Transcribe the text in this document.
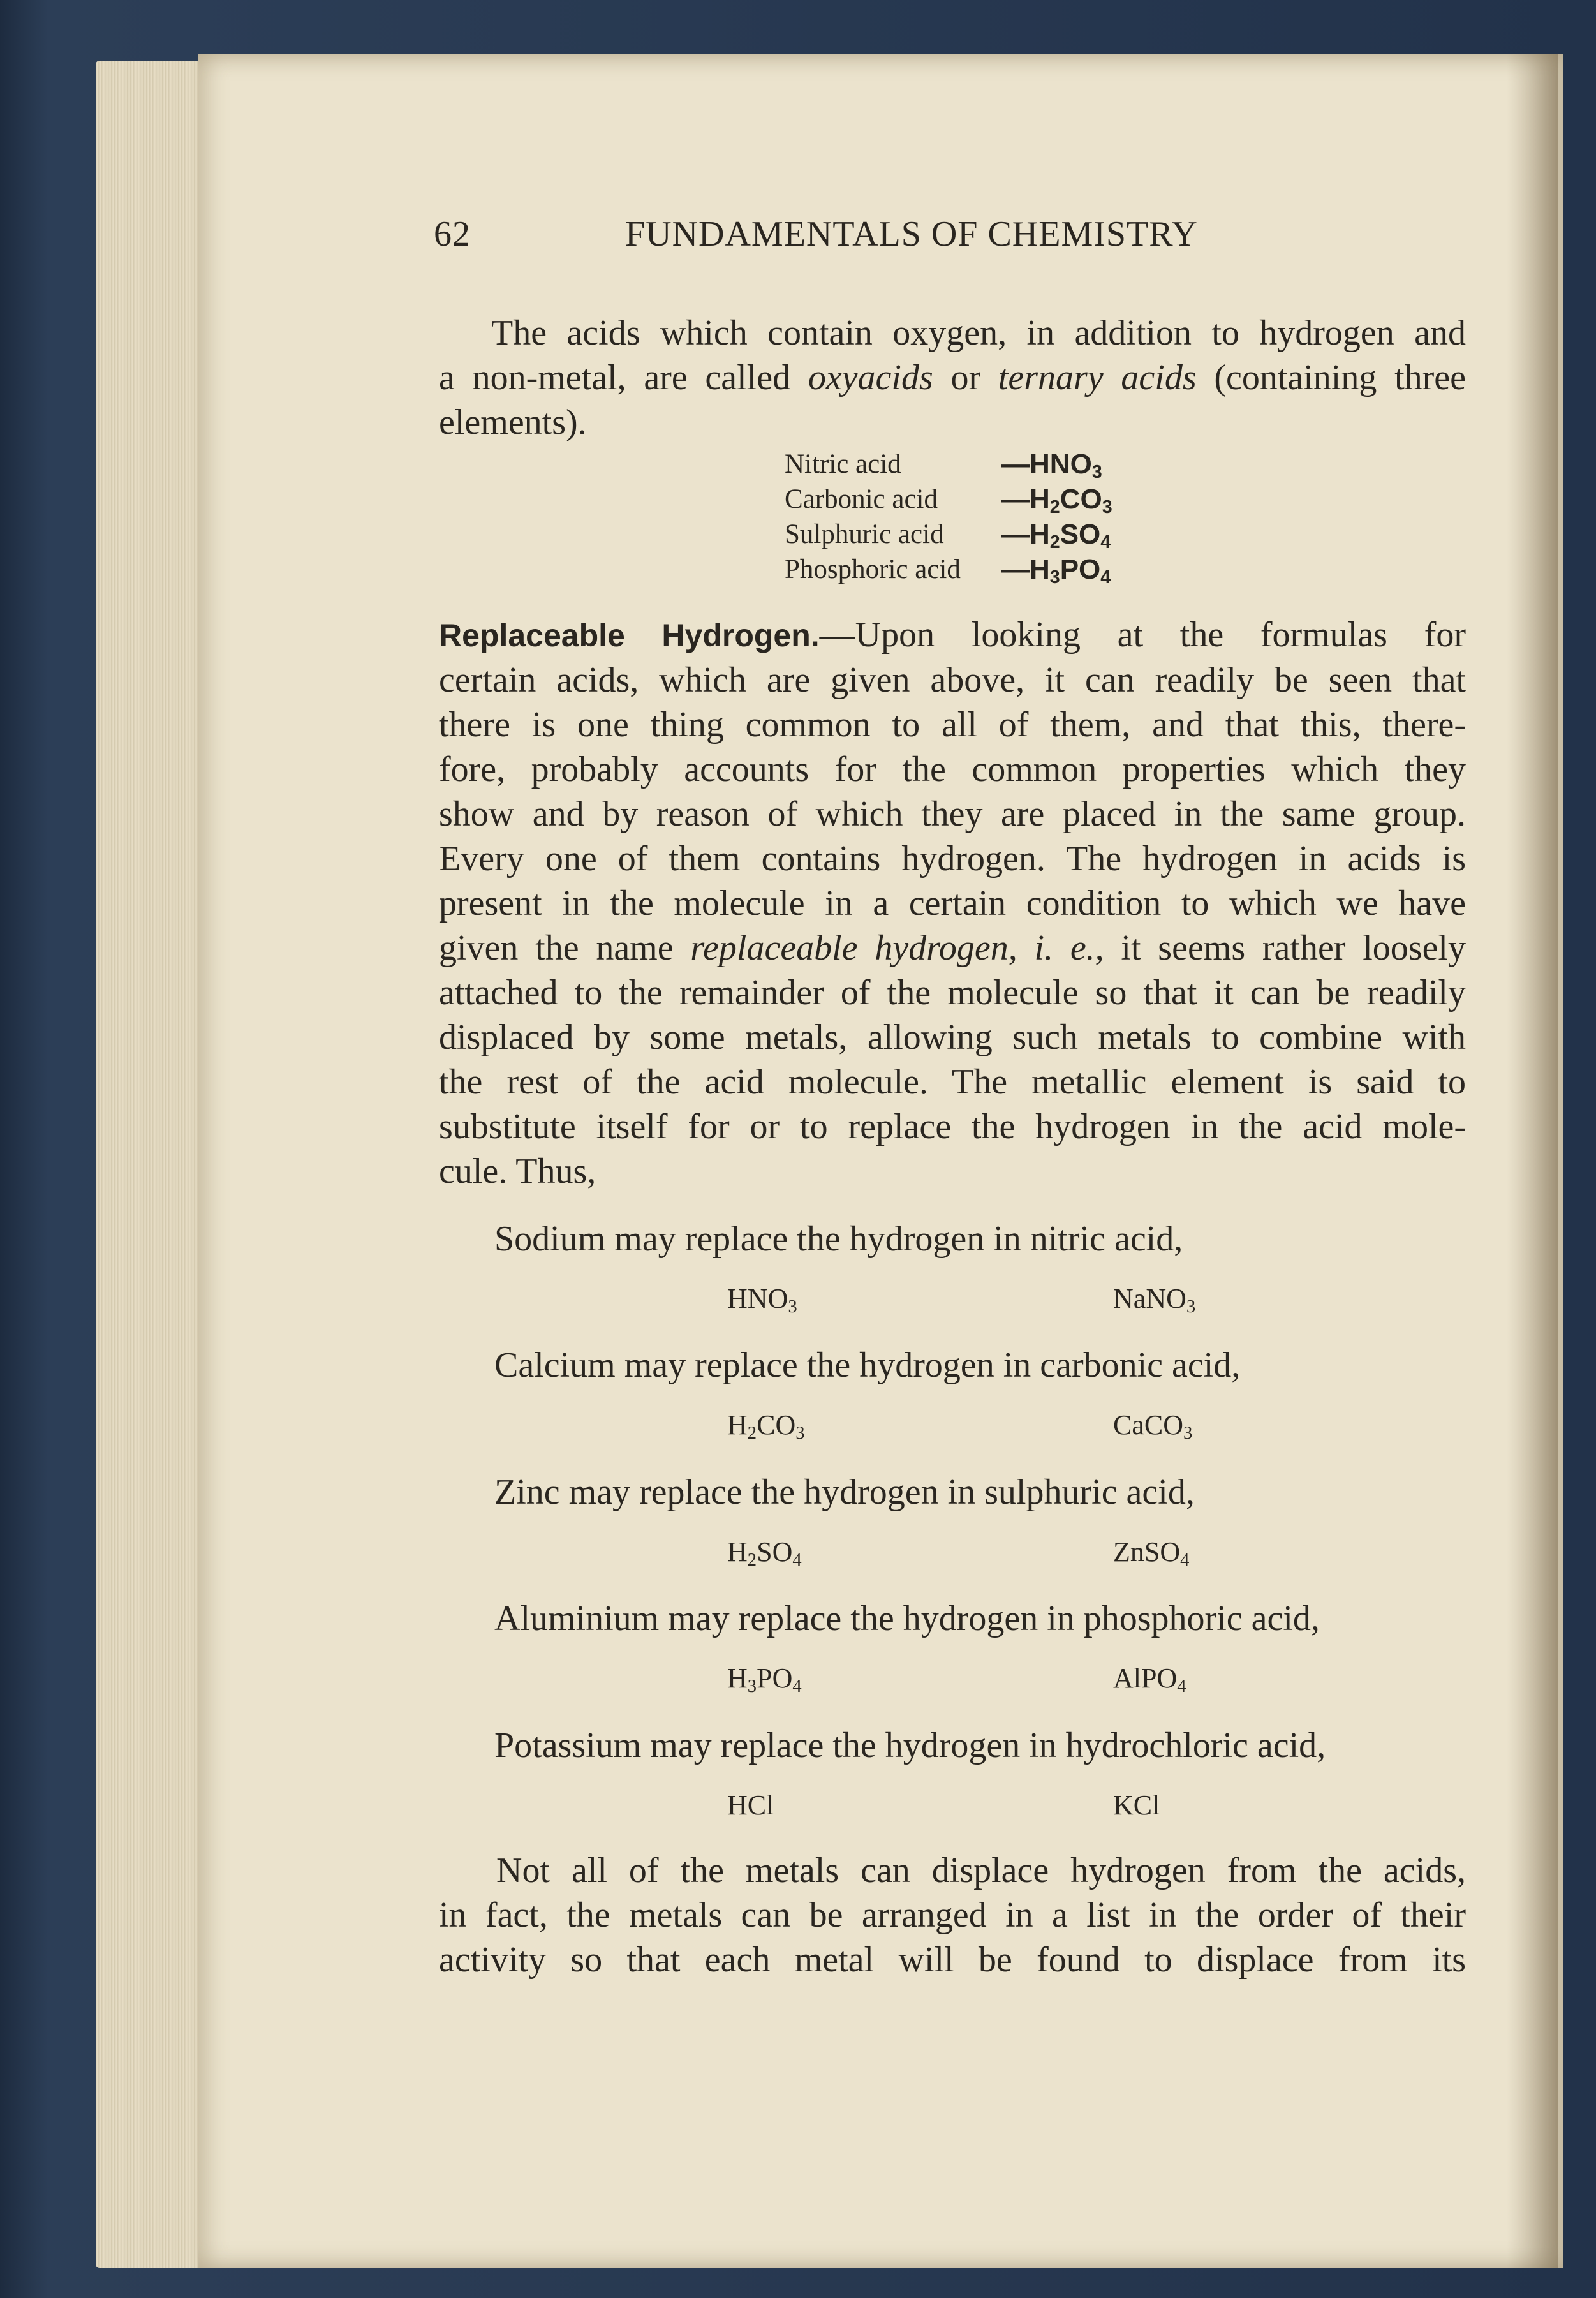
62	FUNDAMENTALS OF CHEMISTRY
The acids which contain oxygen, in addition to hydrogen and
a non-metal, are called oxyacids or ternary acids (containing three
elements).
Nitric acid	$—HNO_3$
Carbonic acid	$—H_2CO_3$
Sulphuric acid	$—H_2SO_4$
Phosphoric acid	$—H_3PO_4$
Replaceable Hydrogen.—Upon looking at the formulas for
certain acids, which are given above, it can readily be seen that
there is one thing common to all of them, and that this, there-
fore, probably accounts for the common properties which they
show and by reason of which they are placed in the same group.
Every one of them contains hydrogen. The hydrogen in acids is
present in the molecule in a certain condition to which we have
given the name replaceable hydrogen, i. e., it seems rather loosely
attached to the remainder of the molecule so that it can be readily
displaced by some metals, allowing such metals to combine with
the rest of the acid molecule. The metallic element is said to
substitute itself for or to replace the hydrogen in the acid mole-
cule. Thus,
Sodium may replace the hydrogen in nitric acid,
$HNO_3$	NaNO$_3$
Calcium may replace the hydrogen in carbonic acid,
$H_2CO_3$	CaCO$_3$
Zinc may replace the hydrogen in sulphuric acid,
$H_2SO_4$	ZnSO$_4$
Aluminium may replace the hydrogen in phosphoric acid,
$H_3PO_4$	AlPO$_4$
Potassium may replace the hydrogen in hydrochloric acid,
HCl	KCl
Not all of the metals can displace hydrogen from the acids,
in fact, the metals can be arranged in a list in the order of their
activity so that each metal will be found to displace from its
